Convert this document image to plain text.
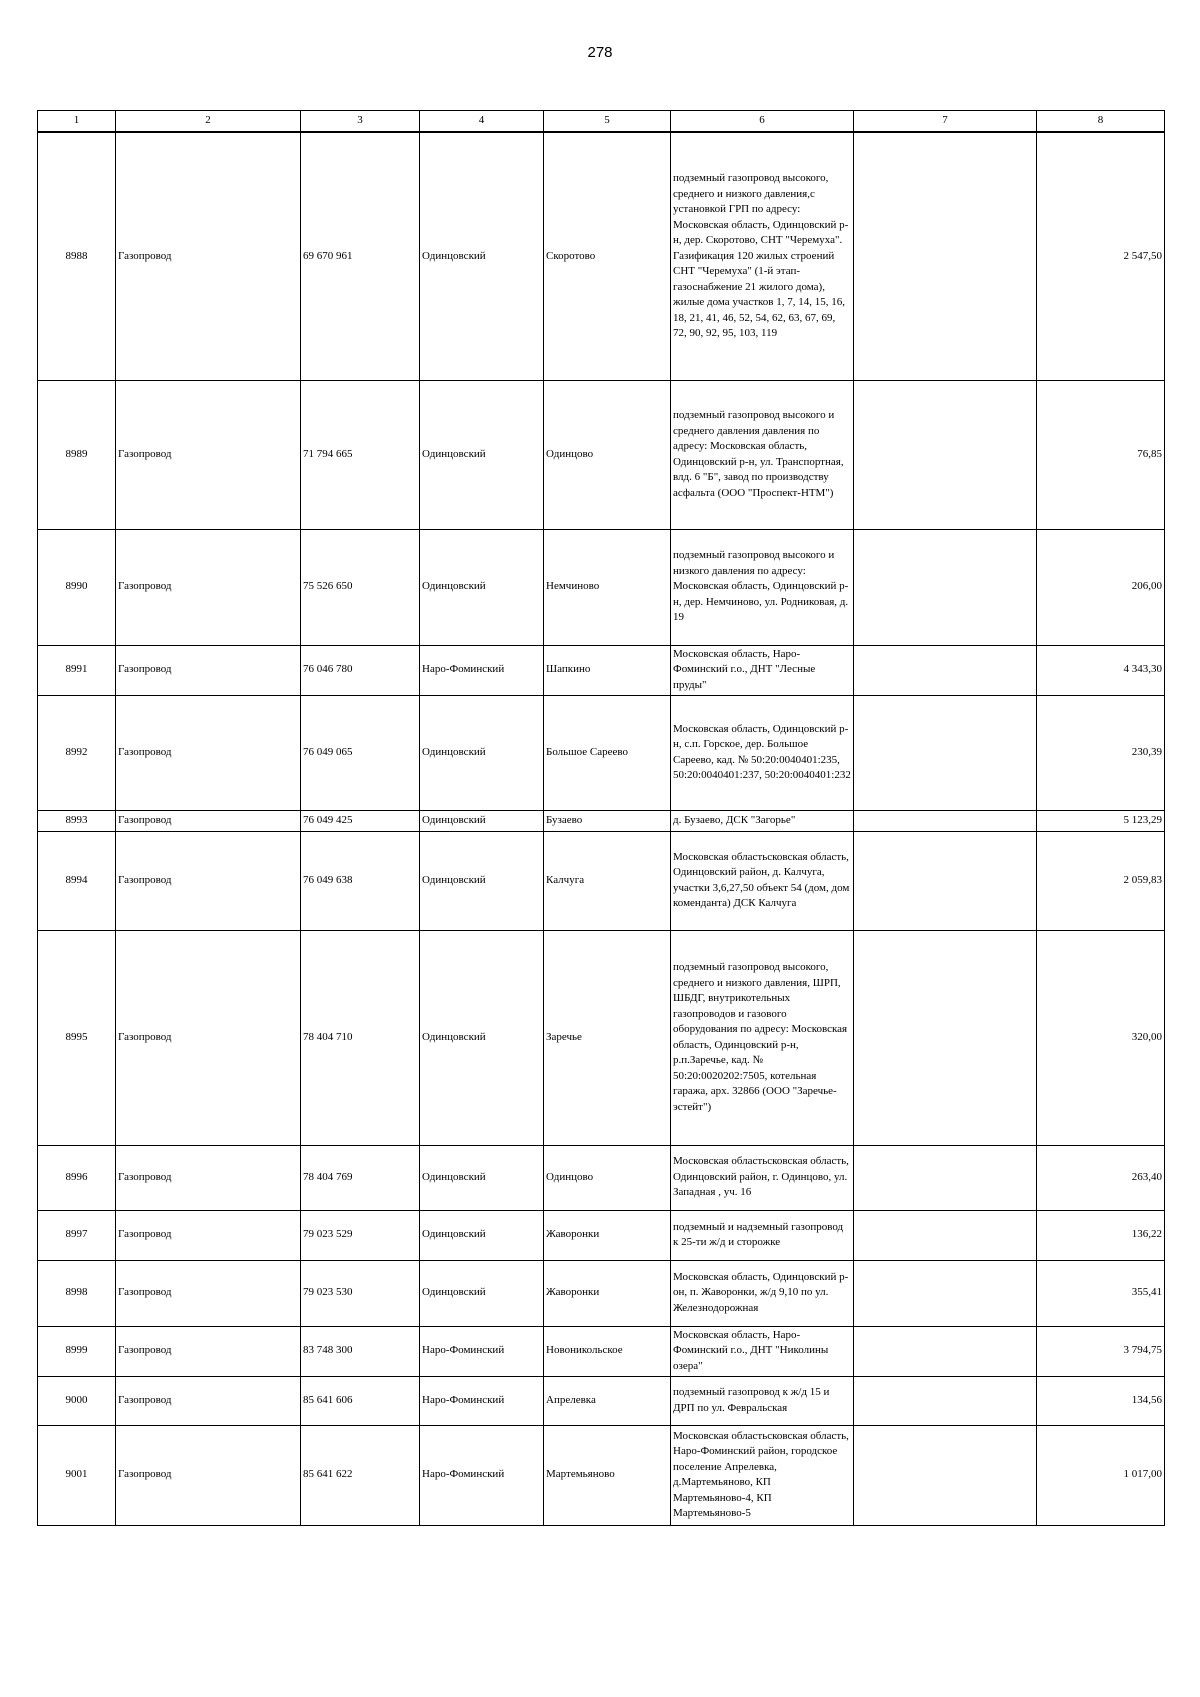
278
1	2	3	4	5	6	7	8
8988	Газопровод	69 670 961	Одинцовский	Скоротово	подземный газопровод высокого, среднего и низкого давления,с установкой ГРП по адресу: Московская область, Одинцовский р-н, дер. Скоротово, СНТ "Черемуха". Газификация 120 жилых строений СНТ "Черемуха" (1-й этап-газоснабжение 21 жилого дома), жилые дома участков 1, 7, 14, 15, 16, 18, 21, 41, 46, 52, 54, 62, 63, 67, 69, 72, 90, 92, 95, 103, 119		2 547,50
8989	Газопровод	71 794 665	Одинцовский	Одинцово	подземный газопровод высокого и среднего давления давления по адресу: Московская область, Одинцовский р-н, ул. Транспортная, влд. 6 "Б", завод по производству асфальта (ООО "Проспект-НТМ")		76,85
8990	Газопровод	75 526 650	Одинцовский	Немчиново	подземный газопровод высокого и низкого давления по адресу: Московская область, Одинцовский р-н, дер. Немчиново, ул. Родниковая, д. 19		206,00
8991	Газопровод	76 046 780	Наро-Фоминский	Шапкино	Московская область, Наро-Фоминский г.о., ДНТ "Лесные пруды"		4 343,30
8992	Газопровод	76 049 065	Одинцовский	Большое Сареево	Московская область, Одинцовский р-н, с.п. Горское, дер. Большое Сареево, кад. № 50:20:0040401:235, 50:20:0040401:237, 50:20:0040401:232		230,39
8993	Газопровод	76 049 425	Одинцовский	Бузаево	д. Бузаево, ДСК "Загорье"		5 123,29
8994	Газопровод	76 049 638	Одинцовский	Калчуга	Московская областьсковская область, Одинцовский район, д. Калчуга, участки 3,6,27,50 объект 54 (дом, дом коменданта) ДСК Калчуга		2 059,83
8995	Газопровод	78 404 710	Одинцовский	Заречье	подземный газопровод высокого, среднего и низкого давления, ШРП, ШБДГ, внутрикотельных газопроводов и газового оборудования по адресу: Московская область, Одинцовский р-н, р.п.Заречье, кад. № 50:20:0020202:7505, котельная гаража, арх. 32866 (ООО "Заречье-эстейт")		320,00
8996	Газопровод	78 404 769	Одинцовский	Одинцово	Московская областьсковская область, Одинцовский район, г. Одинцово, ул. Западная , уч. 16		263,40
8997	Газопровод	79 023 529	Одинцовский	Жаворонки	подземный и надземный газопровод к 25-ти ж/д и сторожке		136,22
8998	Газопровод	79 023 530	Одинцовский	Жаворонки	Московская область, Одинцовский р-он, п. Жаворонки, ж/д 9,10 по ул. Железнодорожная		355,41
8999	Газопровод	83 748 300	Наро-Фоминский	Новоникольское	Московская область, Наро-Фоминский г.о., ДНТ "Николины озера"		3 794,75
9000	Газопровод	85 641 606	Наро-Фоминский	Апрелевка	подземный газопровод к ж/д 15 и ДРП по ул. Февральская		134,56
9001	Газопровод	85 641 622	Наро-Фоминский	Мартемьяново	Московская областьсковская область, Наро-Фоминский район, городское поселение Апрелевка, д.Мартемьяново, КП Мартемьяново-4, КП Мартемьяново-5		1 017,00
